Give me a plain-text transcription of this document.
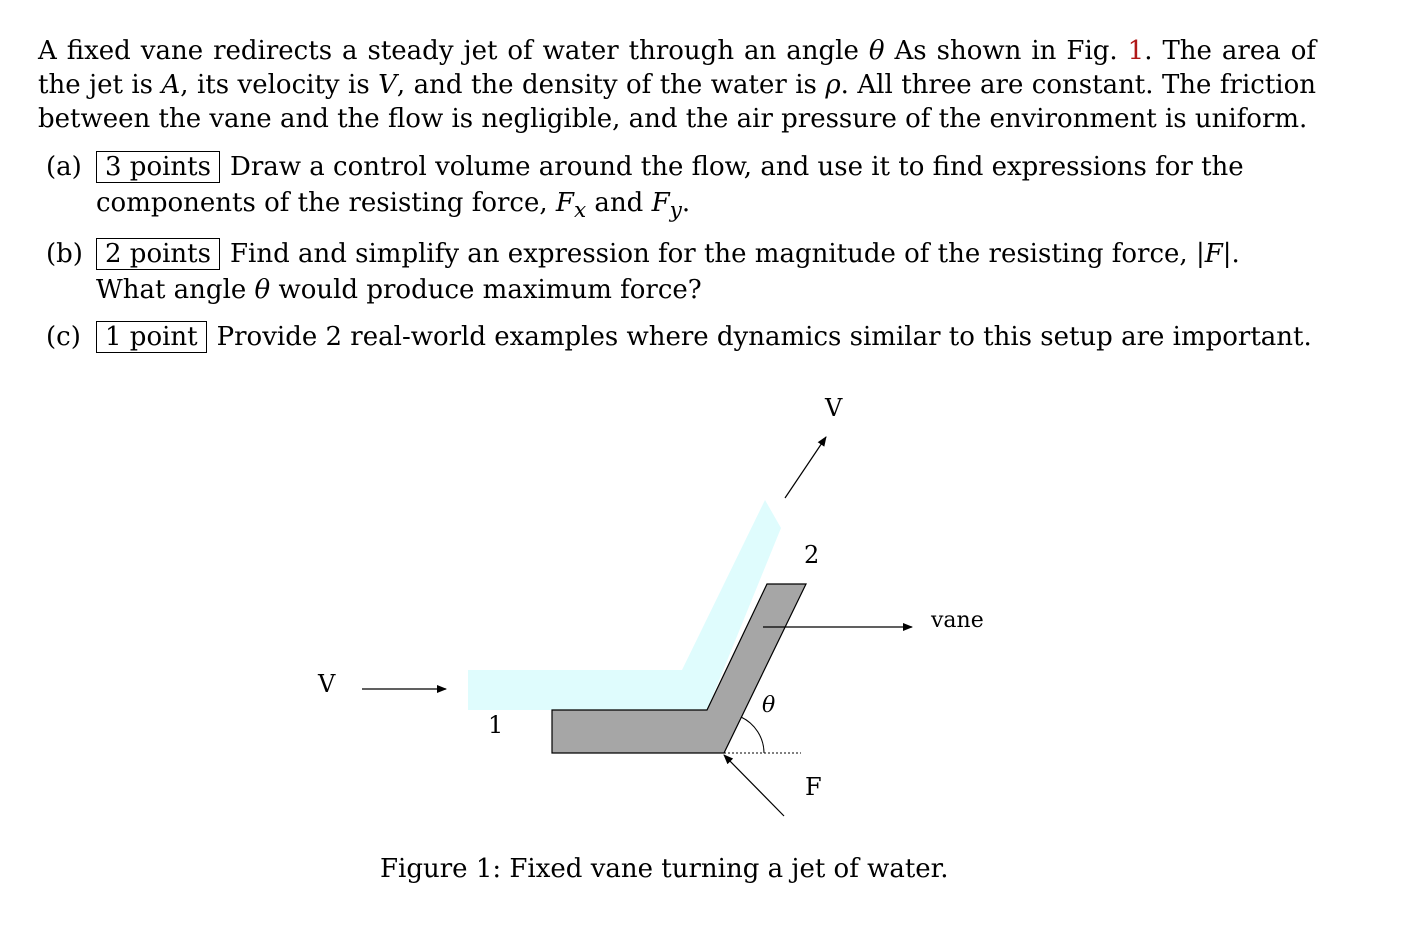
A fixed vane redirects a steady jet of water through an angle θ As shown in Fig. 1. The area of the jet is A, its velocity is V, and the density of the water is ρ. All three are constant. The friction between the vane and the flow is negligible, and the air pressure of the environment is uniform.
(a) 3 points Draw a control volume around the flow, and use it to find expressions for the components of the resisting force, $F_x$ and $F_y$.
(b) 2 points Find and simplify an expression for the magnitude of the resisting force, |F|. What angle θ would produce maximum force?
(c) 1 point Provide 2 real-world examples where dynamics similar to this setup are important.
V
V
1
2
θ
F
vane
Figure 1: Fixed vane turning a jet of water.
